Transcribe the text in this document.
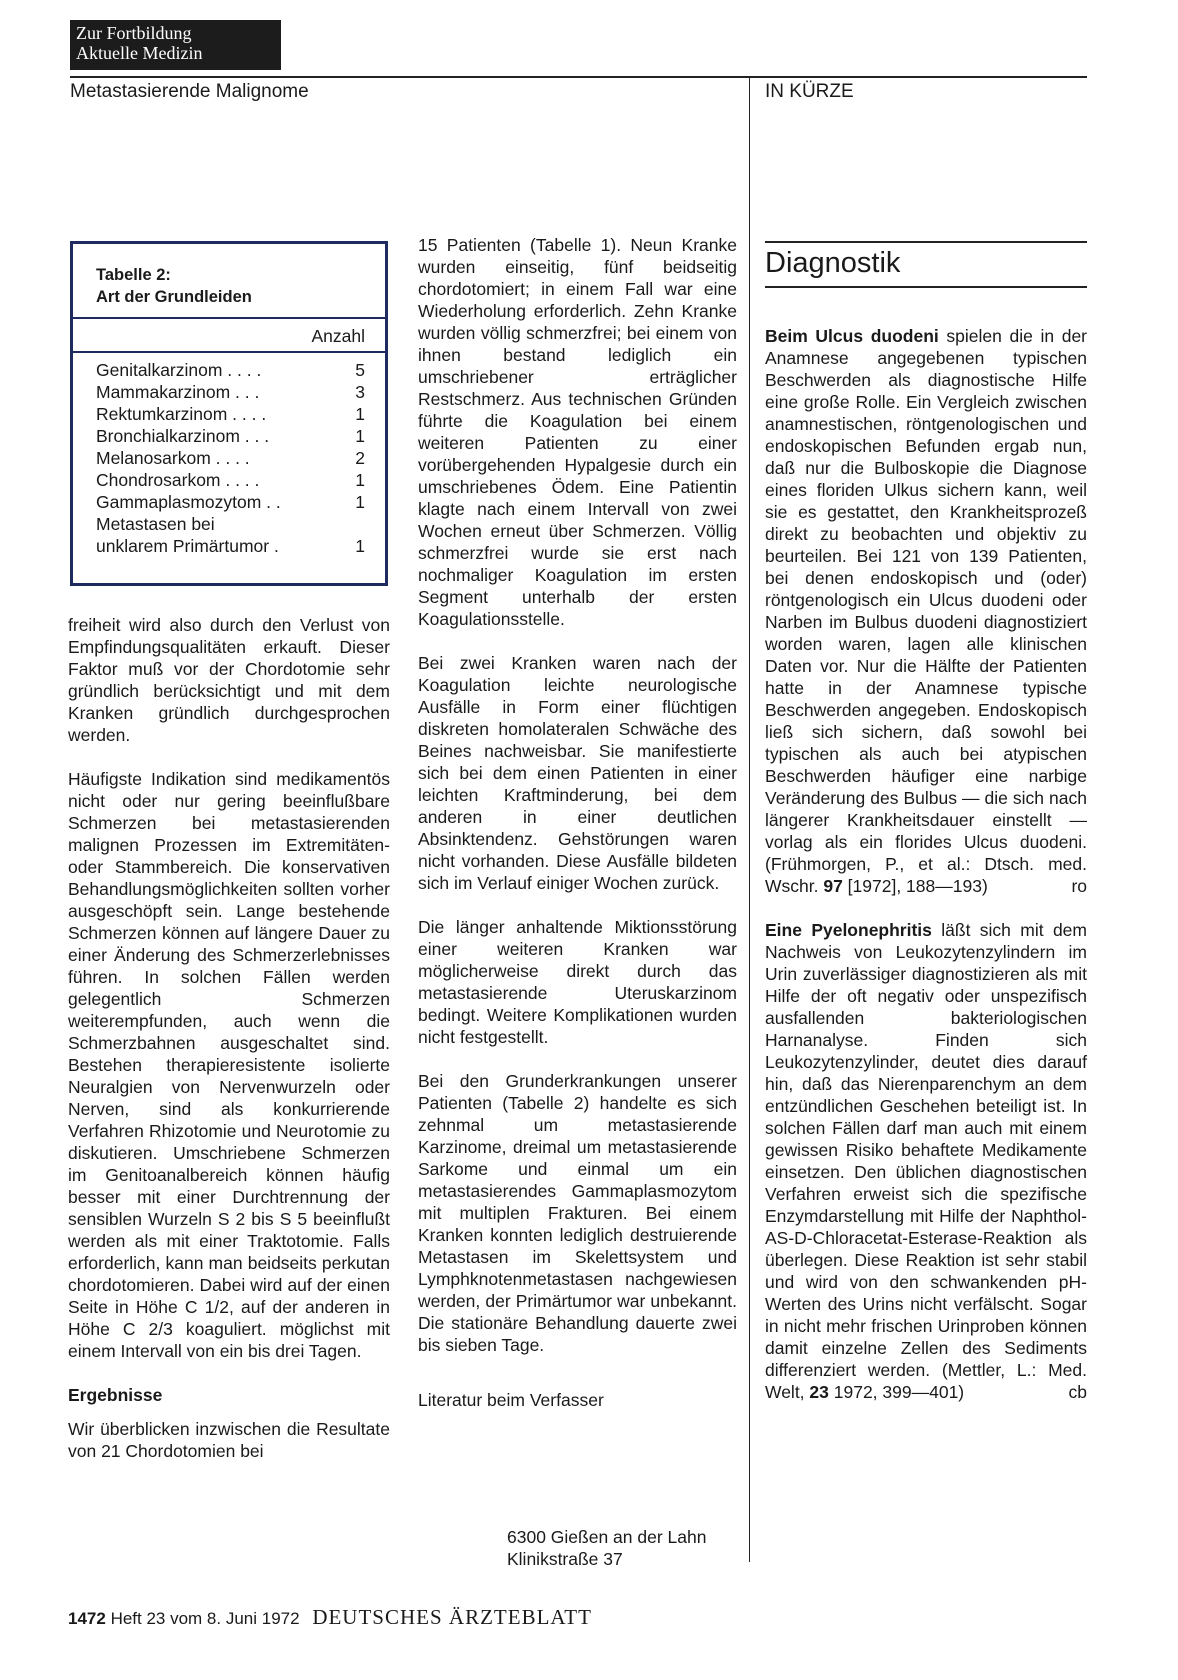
Zur Fortbildung
Aktuelle Medizin
Metastasierende Malignome	IN KÜRZE
Tabelle 2:
Art der Grundleiden
Anzahl
Genitalkarzinom . . . .	5
Mammakarzinom . . .	3
Rektumkarzinom . . . .	1
Bronchialkarzinom . . .	1
Melanosarkom . . . .	2
Chondrosarkom . . . .	1
Gammaplasmozytom . .	1
Metastasen bei
unklarem Primärtumor .	1

freiheit wird also durch den Verlust von Empfindungsqualitäten erkauft. Dieser Faktor muß vor der Chordotomie sehr gründlich berücksichtigt und mit dem Kranken gründlich durchgesprochen werden.

Häufigste Indikation sind medikamentös nicht oder nur gering beeinflußbare Schmerzen bei metastasierenden malignen Prozessen im Extremitäten- oder Stammbereich. Die konservativen Behandlungsmöglichkeiten sollten vorher ausgeschöpft sein. Lange bestehende Schmerzen können auf längere Dauer zu einer Änderung des Schmerzerlebnisses führen. In solchen Fällen werden gelegentlich Schmerzen weiterempfunden, auch wenn die Schmerzbahnen ausgeschaltet sind. Bestehen therapieresistente isolierte Neuralgien von Nervenwurzeln oder Nerven, sind als konkurrierende Verfahren Rhizotomie und Neurotomie zu diskutieren. Umschriebene Schmerzen im Genitoanalbereich können häufig besser mit einer Durchtrennung der sensiblen Wurzeln S 2 bis S 5 beeinflußt werden als mit einer Traktotomie. Falls erforderlich, kann man beidseits perkutan chordotomieren. Dabei wird auf der einen Seite in Höhe C 1/2, auf der anderen in Höhe C 2/3 koaguliert. möglichst mit einem Intervall von ein bis drei Tagen.

Ergebnisse

Wir überblicken inzwischen die Resultate von 21 Chordotomien bei

15 Patienten (Tabelle 1). Neun Kranke wurden einseitig, fünf beidseitig chordotomiert; in einem Fall war eine Wiederholung erforderlich. Zehn Kranke wurden völlig schmerzfrei; bei einem von ihnen bestand lediglich ein umschriebener erträglicher Restschmerz. Aus technischen Gründen führte die Koagulation bei einem weiteren Patienten zu einer vorübergehenden Hypalgesie durch ein umschriebenes Ödem. Eine Patientin klagte nach einem Intervall von zwei Wochen erneut über Schmerzen. Völlig schmerzfrei wurde sie erst nach nochmaliger Koagulation im ersten Segment unterhalb der ersten Koagulationsstelle.

Bei zwei Kranken waren nach der Koagulation leichte neurologische Ausfälle in Form einer flüchtigen diskreten homolateralen Schwäche des Beines nachweisbar. Sie manifestierte sich bei dem einen Patienten in einer leichten Kraftminderung, bei dem anderen in einer deutlichen Absinktendenz. Gehstörungen waren nicht vorhanden. Diese Ausfälle bildeten sich im Verlauf einiger Wochen zurück.

Die länger anhaltende Miktionsstörung einer weiteren Kranken war möglicherweise direkt durch das metastasierende Uteruskarzinom bedingt. Weitere Komplikationen wurden nicht festgestellt.

Bei den Grunderkrankungen unserer Patienten (Tabelle 2) handelte es sich zehnmal um metastasierende Karzinome, dreimal um metastasierende Sarkome und einmal um ein metastasierendes Gammaplasmozytom mit multiplen Frakturen. Bei einem Kranken konnten lediglich destruierende Metastasen im Skelettsystem und Lymphknotenmetastasen nachgewiesen werden, der Primärtumor war unbekannt. Die stationäre Behandlung dauerte zwei bis sieben Tage.

Literatur beim Verfasser

6300 Gießen an der Lahn
Klinikstraße 37
Diagnostik

Beim Ulcus duodeni spielen die in der Anamnese angegebenen typischen Beschwerden als diagnostische Hilfe eine große Rolle. Ein Vergleich zwischen anamnestischen, röntgenologischen und endoskopischen Befunden ergab nun, daß nur die Bulboskopie die Diagnose eines floriden Ulkus sichern kann, weil sie es gestattet, den Krankheitsprozeß direkt zu beobachten und objektiv zu beurteilen. Bei 121 von 139 Patienten, bei denen endoskopisch und (oder) röntgenologisch ein Ulcus duodeni oder Narben im Bulbus duodeni diagnostiziert worden waren, lagen alle klinischen Daten vor. Nur die Hälfte der Patienten hatte in der Anamnese typische Beschwerden angegeben. Endoskopisch ließ sich sichern, daß sowohl bei typischen als auch bei atypischen Beschwerden häufiger eine narbige Veränderung des Bulbus — die sich nach längerer Krankheitsdauer einstellt — vorlag als ein florides Ulcus duodeni. (Frühmorgen, P., et al.: Dtsch. med. Wschr. 97 [1972], 188—193)	ro

Eine Pyelonephritis läßt sich mit dem Nachweis von Leukozytenzylindern im Urin zuverlässiger diagnostizieren als mit Hilfe der oft negativ oder unspezifisch ausfallenden bakteriologischen Harnanalyse. Finden sich Leukozytenzylinder, deutet dies darauf hin, daß das Nierenparenchym an dem entzündlichen Geschehen beteiligt ist. In solchen Fällen darf man auch mit einem gewissen Risiko behaftete Medikamente einsetzen. Den üblichen diagnostischen Verfahren erweist sich die spezifische Enzymdarstellung mit Hilfe der Naphthol-AS-D-Chloracetat-Esterase-Reaktion als überlegen. Diese Reaktion ist sehr stabil und wird von den schwankenden pH-Werten des Urins nicht verfälscht. Sogar in nicht mehr frischen Urinproben können damit einzelne Zellen des Sediments differenziert werden. (Mettler, L.: Med. Welt, 23 1972, 399—401)	cb

1472 Heft 23 vom 8. Juni 1972 DEUTSCHES ÄRZTEBLATT
